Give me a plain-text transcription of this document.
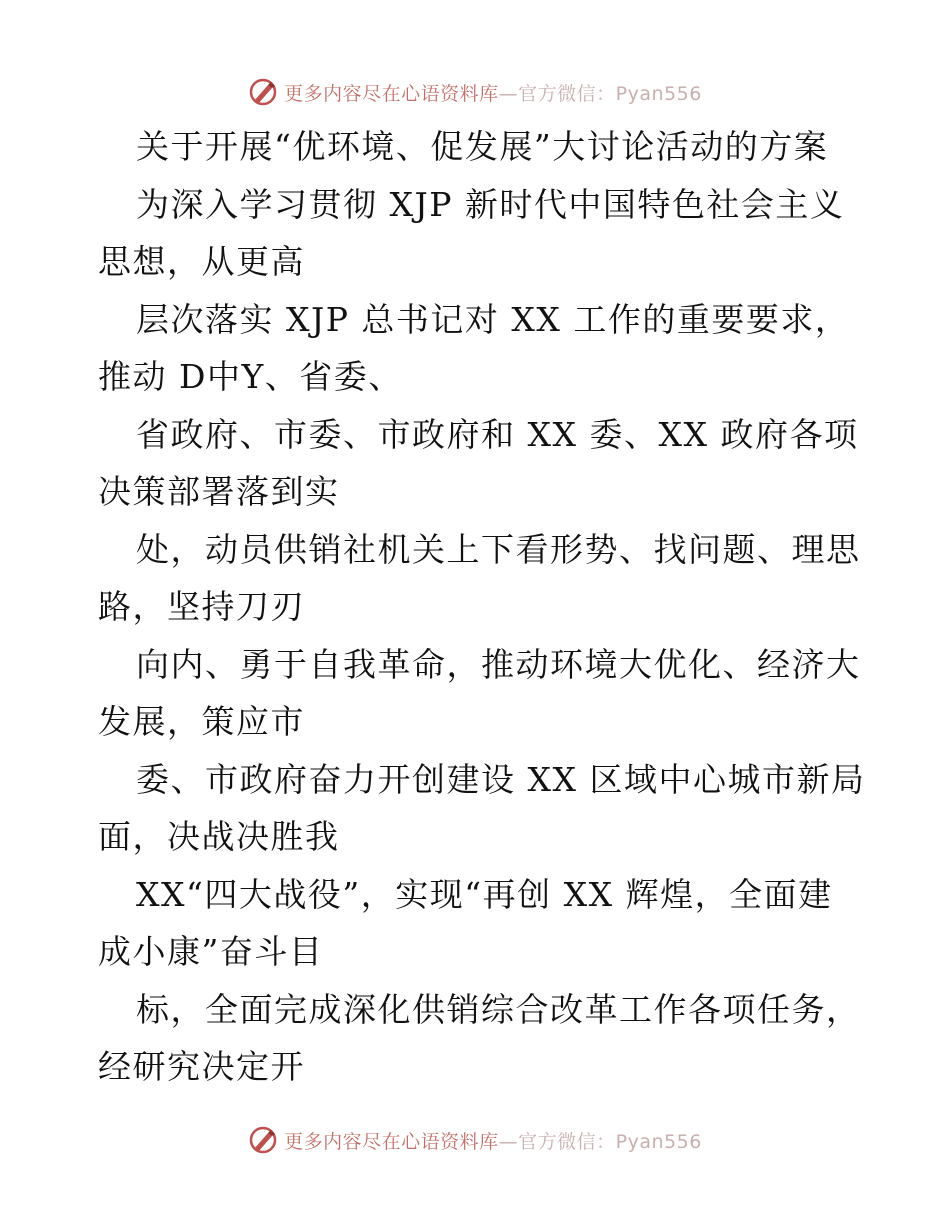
更多内容尽在心语资料库—官方微信：Pyan556
关于开展“优环境、促发展”大讨论活动的方案
为深入学习贯彻 XJP 新时代中国特色社会主义
思想，从更高
层次落实 XJP 总书记对 XX 工作的重要要求，
推动 D中Y、省委、
省政府、市委、市政府和 XX 委、XX 政府各项
决策部署落到实
处，动员供销社机关上下看形势、找问题、理思
路，坚持刀刃
向内、勇于自我革命，推动环境大优化、经济大
发展，策应市
委、市政府奋力开创建设 XX 区域中心城市新局
面，决战决胜我
XX“四大战役”，实现“再创 XX 辉煌，全面建
成小康”奋斗目
标，全面完成深化供销综合改革工作各项任务，
经研究决定开
更多内容尽在心语资料库—官方微信：Pyan556
